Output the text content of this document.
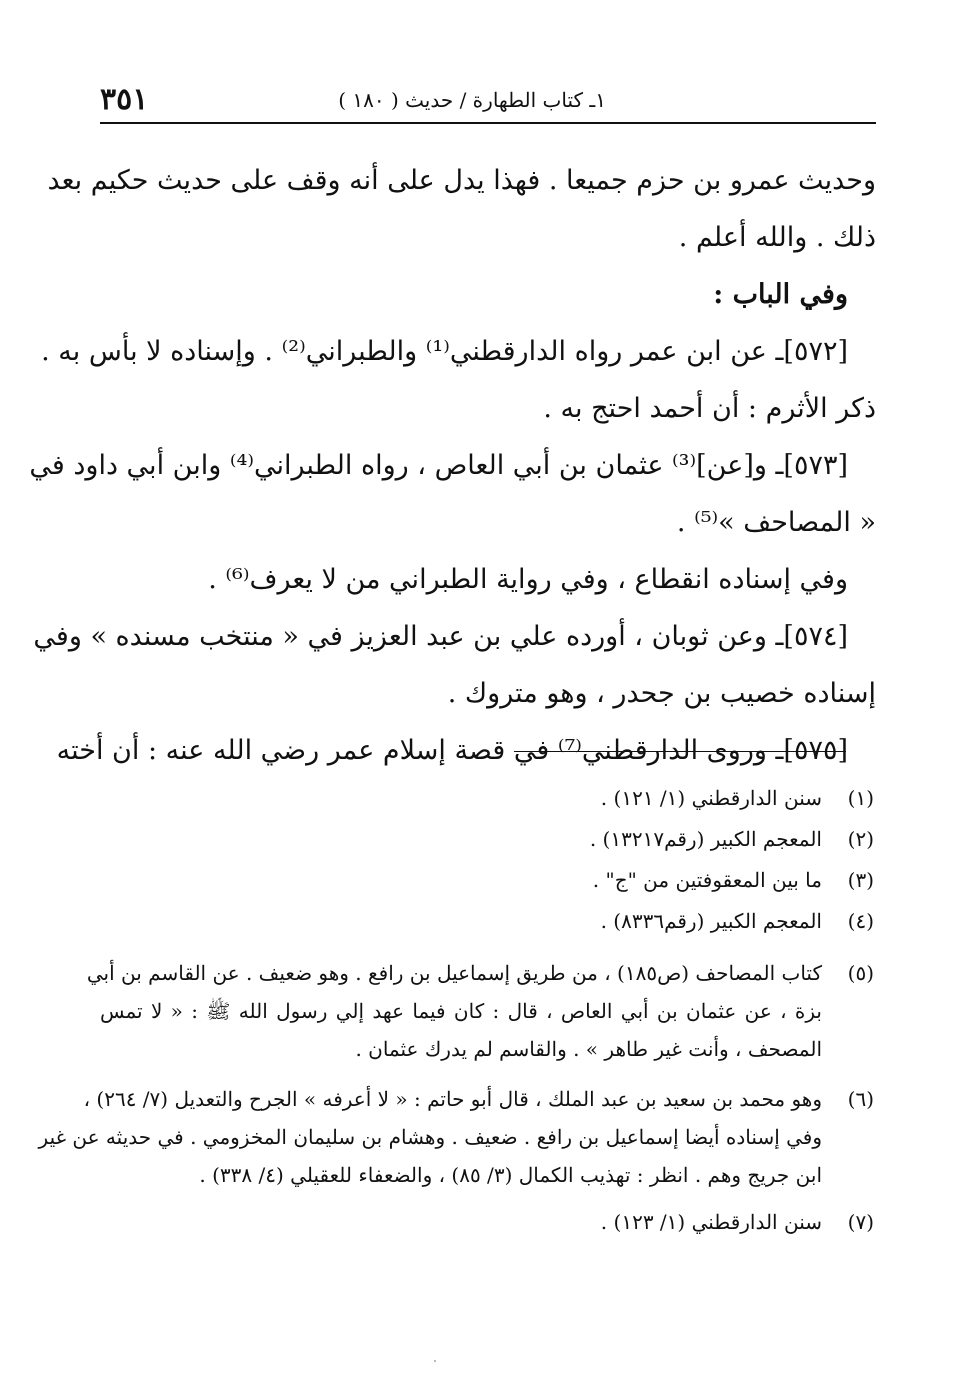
٣٥١	١ـ كتاب الطهارة / حديث ( ١٨٠ )
وحديث عمرو بن حزم جميعا . فهذا يدل على أنه وقف على حديث حكيم بعد
ذلك . والله أعلم .
وفي الباب :
[٥٧٢]ـ عن ابن عمر رواه الدارقطني⁽¹⁾ والطبراني⁽²⁾ . وإسناده لا بأس به .
ذكر الأثرم : أن أحمد احتج به .
[٥٧٣]ـ و[عن]⁽³⁾ عثمان بن أبي العاص ، رواه الطبراني⁽⁴⁾ وابن أبي داود في
« المصاحف »⁽⁵⁾ .
وفي إسناده انقطاع ، وفي رواية الطبراني من لا يعرف⁽⁶⁾ .
[٥٧٤]ـ وعن ثوبان ، أورده علي بن عبد العزيز في « منتخب مسنده » وفي
إسناده خصيب بن جحدر ، وهو متروك .
[٥٧٥]ـ وروى الدارقطني⁽⁷⁾ في قصة إسلام عمر رضي الله عنه : أن أخته
(١)
سنن الدارقطني (١/ ١٢١) .
(٢)
المعجم الكبير (رقم١٣٢١٧) .
(٣)
ما بين المعقوفتين من "ج" .
(٤)
المعجم الكبير (رقم٨٣٣٦) .
(٥)
كتاب المصاحف (ص١٨٥) ، من طريق إسماعيل بن رافع . وهو ضعيف . عن القاسم بن أبي
بزة ، عن عثمان بن أبي العاص ، قال : كان فيما عهد إلي رسول الله ﷺ : « لا تمس
المصحف ، وأنت غير طاهر » . والقاسم لم يدرك عثمان .
(٦)
وهو محمد بن سعيد بن عبد الملك ، قال أبو حاتم : « لا أعرفه » الجرح والتعديل (٧/ ٢٦٤) ،
وفي إسناده أيضا إسماعيل بن رافع . ضعيف . وهشام بن سليمان المخزومي . في حديثه عن غير
ابن جريج وهم . انظر : تهذيب الكمال (٣/ ٨٥) ، والضعفاء للعقيلي (٤/ ٣٣٨) .
(٧)
سنن الدارقطني (١/ ١٢٣) .
